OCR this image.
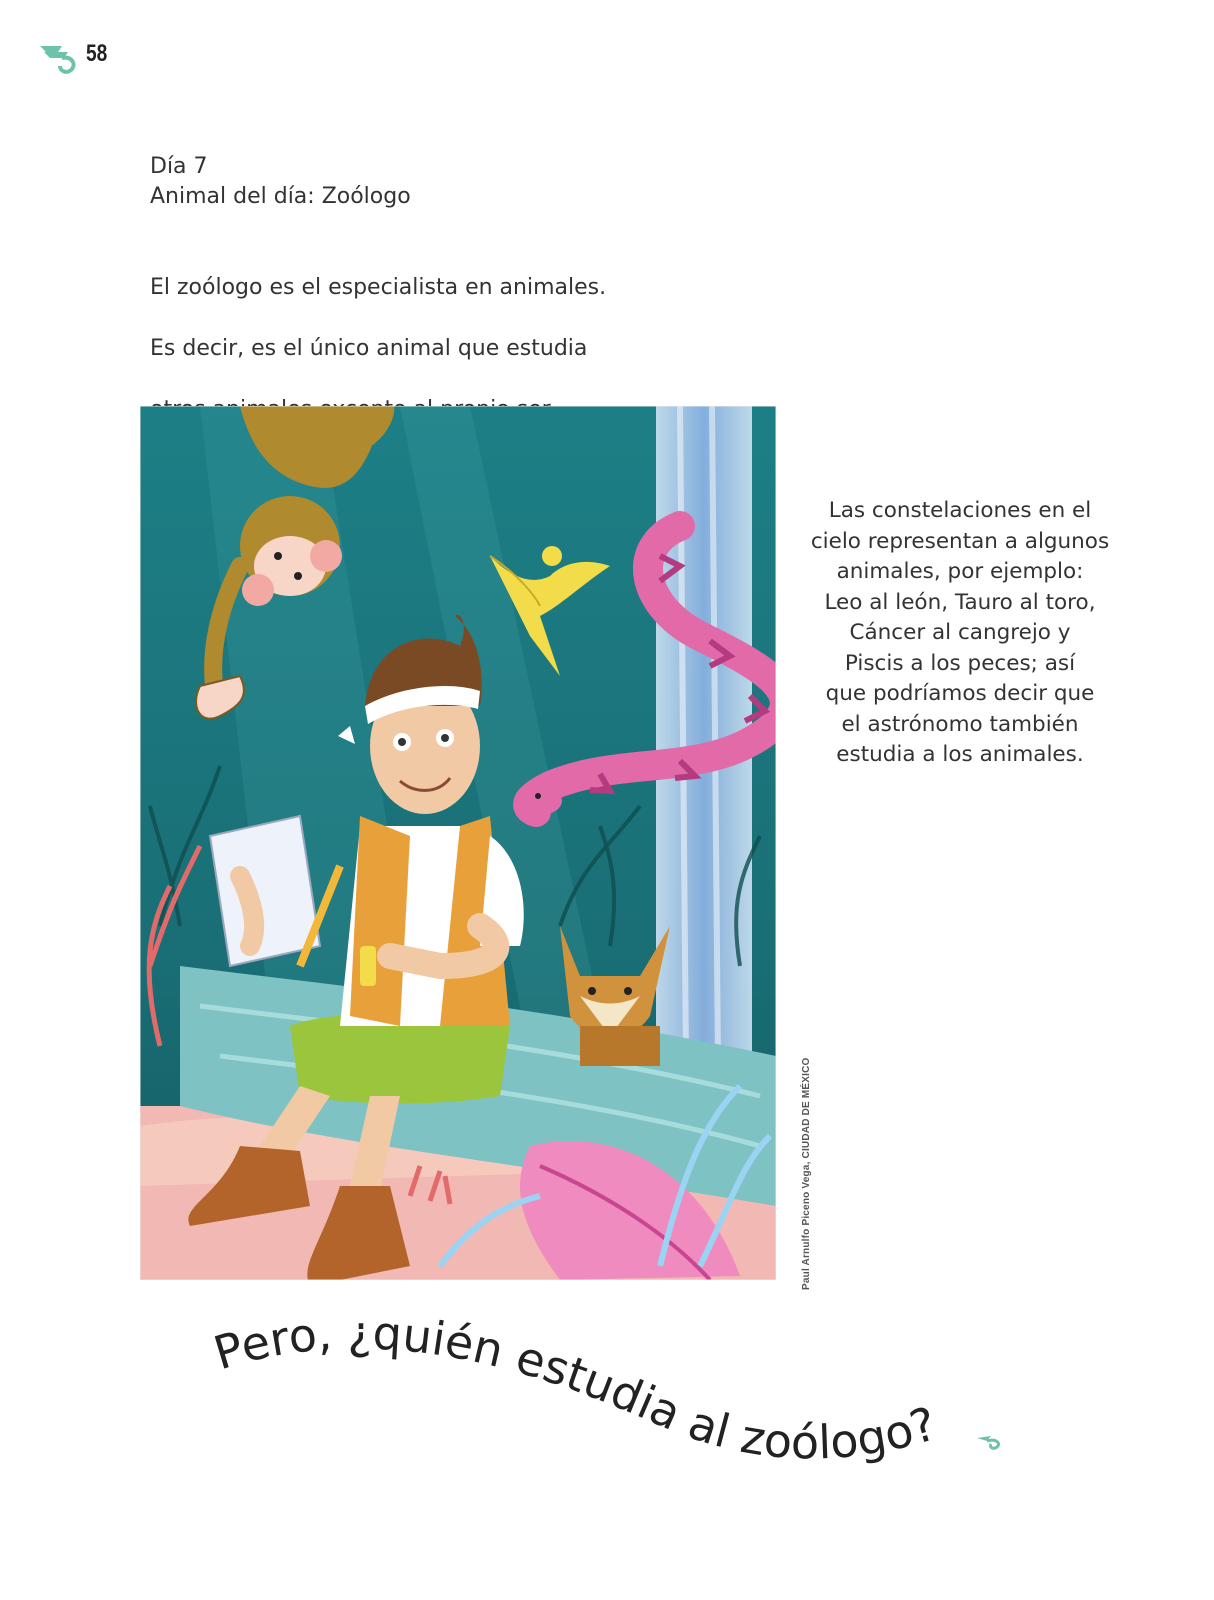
58
Día 7
Animal del día: Zoólogo

El zoólogo es el especialista en animales.

Es decir, es el único animal que estudia

Paul Arnulfo Piceno Vega, CIUDAD DE MÉXICO
Las constelaciones en el
cielo representan a algunos
animales, por ejemplo:
Leo al león, Tauro al toro,
Cáncer al cangrejo y
Piscis a los peces; así
que podríamos decir que
el astrónomo también
estudia a los animales.
Pero, ¿quién estudia al zoólogo?
